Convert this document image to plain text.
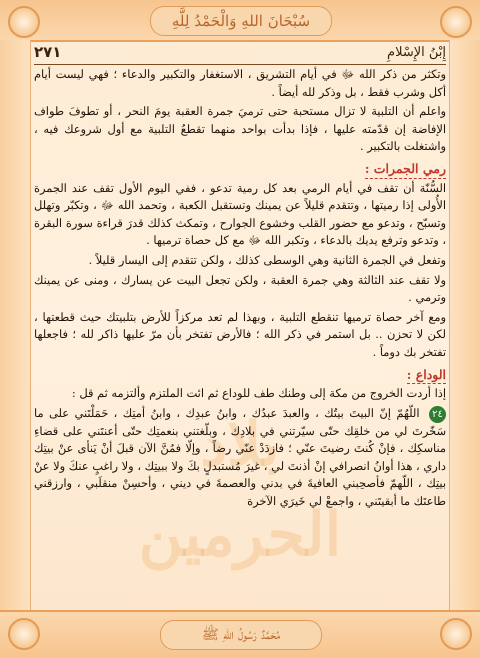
سُبْحَانَ اللهِ وَالْحَمْدُ لِلَّهِ
مُحَمَّدٌ رَسُولُ اللهِ ﷺ
بلاد الحرمين
٢٧١	إِبْنُ الإِسْلامِ

وتكثر من ذكر الله ﷻ في أيام التشريق ، الاستغفار والتكبير والدعاء ؛ فهي ليست أيام أكل وشرب فقط ، بل وذكر لله أيضاً .

واعلم أن التلبية لا تزال مستحبة حتى ترميَ جمرة العقبة يومَ النحر ، أو تطوفَ طواف الإفاضة إن قدّمته عليها ، فإذا بدأت بواحد منهما تقطعُ التلبية مع أول شروعك فيه ، واشتغلت بالتكبير .

رمي الجمرات :

السُّنّة أن تقف في أيام الرمي بعد كل رمية تدعو ، ففي اليوم الأول تقف عند الجمرة الأُولى إذا رميتها ، وتتقدم قليلاً عن يمينك وتستقبل الكعبة ، وتحمد الله ﷻ ، وتكبّر وتهلل وتسبّح ، وتدعو مع حضور القلب وخشوع الجوارح ، وتمكث كذلك قدرَ قراءة سورة البقرة ، وتدعو وترفع يديك بالدعاء ، وتكبر الله ﷻ مع كل حصاة ترميها .

وتفعل في الجمرة الثانية وهي الوسطى كذلك ، ولكن تتقدم إلى اليسار قليلاً .

ولا تقف عند الثالثة وهي جمرة العقبة ، ولكن تجعل البيت عن يسارك ، ومنى عن يمينك وترمي .

ومع آخر حصاة ترميها تنقطع التلبية ، وبهذا لم تعد مركزاً للأرض بتلبيتك حيث قطعتها ، لكن لا تحزن .. بل استمر في ذكر الله ؛ فالأرض تفتخر بأن مرّ عليها ذاكر لله ؛ فاجعلها تفتخر بك دوماً .

الوداع :

إذا أردت الخروج من مكة إلى وطنك طف للوداع ثم ائت الملتزم وألتزمه ثم قل :

٢٤ اللّهُمّ إنّ البيتَ بيتُك ، والعبدَ عبدُك ، وابنُ عبدِك ، وابنُ أمتِك ، حَمَلْتَني على ما سَخّرتَ لي من خلقِك حتّى سيّرتني في بلادِك ، وبلّغتني بنعمتِك حتّى أعنتَني على قضاءِ مناسكِك ، فإنْ كُنتَ رضيتَ عنّي ؛ فازدَدْ عنّي رضاً ، وإلّا فمُنَّ الآن قبلَ أنْ يَنأى عنْ بيتِك داري ، هذا أوانُ انصرافي إنْ أذنتَ لي ، غيرَ مُستبدلٍ بكَ ولا ببيتِك ، ولا راغبٍ عنكَ ولا عنْ بيتِك ، اللّهمّ فأصحِبني العافيةَ في بدني والعصمةَ في ديني ، وأحسِنْ منقلَبي ، وارزقني طاعتَك ما أبقيتَني ، واجمعْ لي خَيرَي الآخرة
